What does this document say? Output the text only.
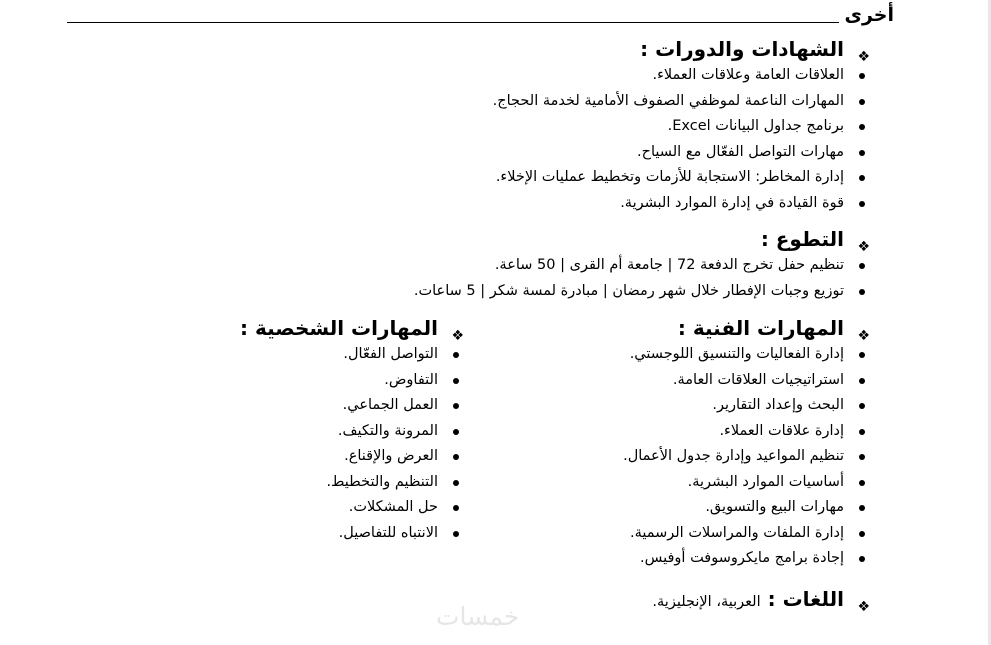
أخرى
❖
الشهادات والدورات :
العلاقات العامة وعلاقات العملاء.
المهارات الناعمة لموظفي الصفوف الأمامية لخدمة الحجاج.
برنامج جداول البيانات Excel.
مهارات التواصل الفعّال مع السياح.
إدارة المخاطر: الاستجابة للأزمات وتخطيط عمليات الإخلاء.
قوة القيادة في إدارة الموارد البشرية.
❖
التطوع :
تنظيم حفل تخرج الدفعة 72 | جامعة أم القرى | 50 ساعة.
توزيع وجبات الإفطار خلال شهر رمضان | مبادرة لمسة شكر | 5 ساعات.
❖
المهارات الفنية :
إدارة الفعاليات والتنسيق اللوجستي.
استراتيجيات العلاقات العامة.
البحث وإعداد التقارير.
إدارة علاقات العملاء.
تنظيم المواعيد وإدارة جدول الأعمال.
أساسيات الموارد البشرية.
مهارات البيع والتسويق.
إدارة الملفات والمراسلات الرسمية.
إجادة برامج مايكروسوفت أوفيس.
❖
المهارات الشخصية :
التواصل الفعّال.
التفاوض.
العمل الجماعي.
المرونة والتكيف.
العرض والإقناع.
التنظيم والتخطيط.
حل المشكلات.
الانتباه للتفاصيل.
❖
اللغات : العربية، الإنجليزية.
خمسات
